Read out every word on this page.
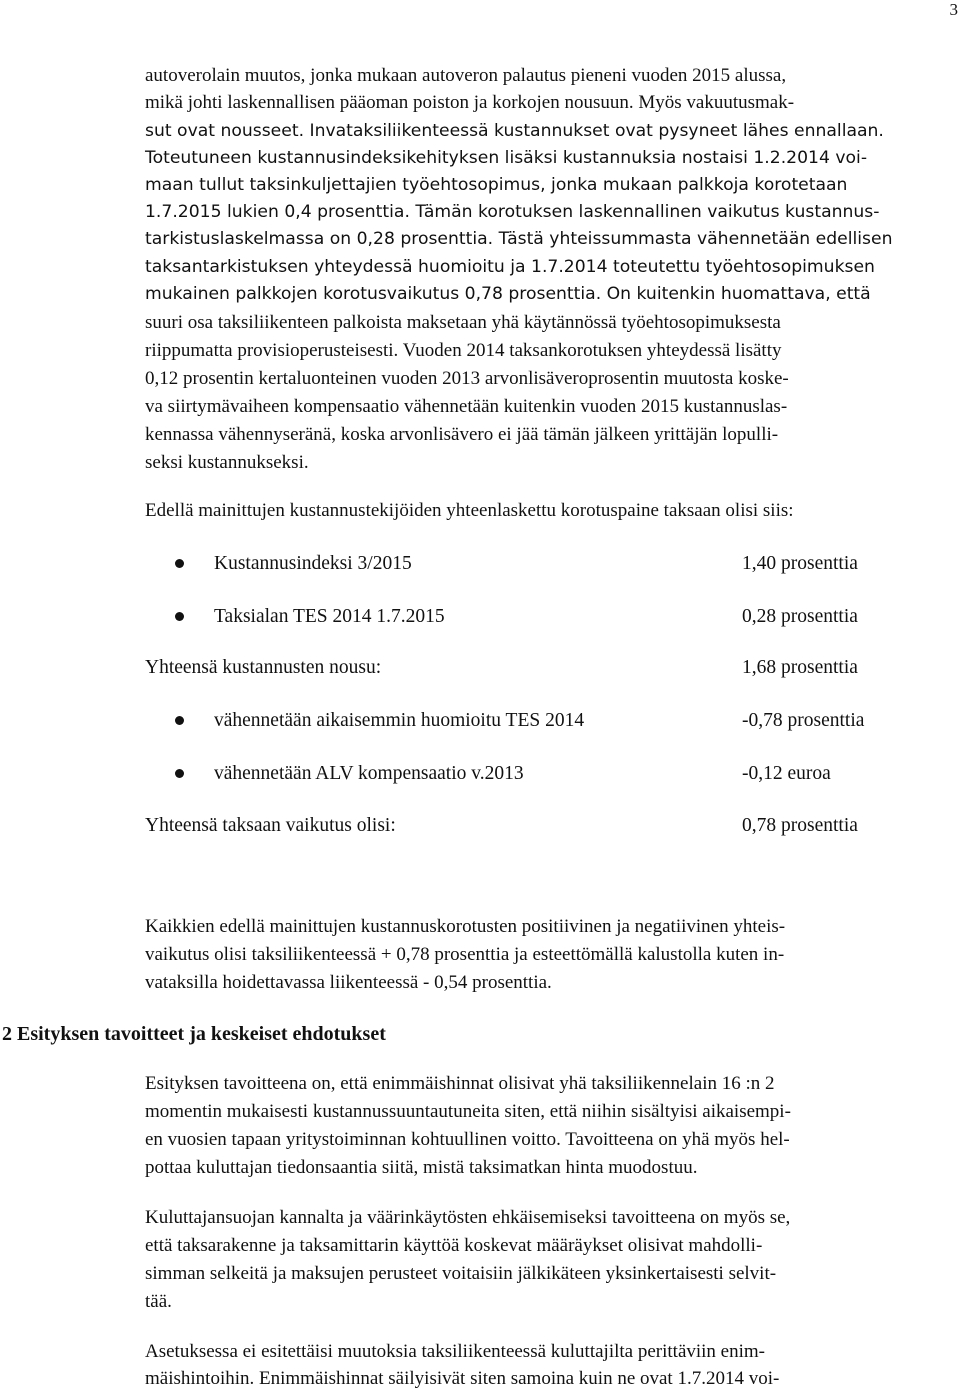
3
autoverolain muutos, jonka mukaan autoveron palautus pieneni vuoden 2015 alussa,
mikä johti laskennallisen pääoman poiston ja korkojen nousuun. Myös vakuutusmak-
sut ovat nousseet. Invataksiliikenteessä kustannukset ovat pysyneet lähes ennallaan.
Toteutuneen kustannusindeksikehityksen lisäksi kustannuksia nostaisi 1.2.2014 voi-
maan tullut taksinkuljettajien työehtosopimus, jonka mukaan palkkoja korotetaan
1.7.2015 lukien 0,4 prosenttia. Tämän korotuksen laskennallinen vaikutus kustannus-
tarkistuslaskelmassa on 0,28 prosenttia. Tästä yhteissummasta vähennetään edellisen
taksantarkistuksen yhteydessä huomioitu ja 1.7.2014 toteutettu työehtosopimuksen
mukainen palkkojen korotusvaikutus 0,78 prosenttia. On kuitenkin huomattava, että
suuri osa taksiliikenteen palkoista maksetaan yhä käytännössä työehtosopimuksesta
riippumatta provisioperusteisesti. Vuoden 2014 taksankorotuksen yhteydessä lisätty
0,12 prosentin kertaluonteinen vuoden 2013 arvonlisäveroprosentin muutosta koske-
va siirtymävaiheen kompensaatio vähennetään kuitenkin vuoden 2015 kustannuslas-
kennassa vähennyseränä, koska arvonlisävero ei jää tämän jälkeen yrittäjän lopulli-
seksi kustannukseksi.
Edellä mainittujen kustannustekijöiden yhteenlaskettu korotuspaine taksaan olisi siis:
Kustannusindeksi 3/2015	1,40 prosenttia
Taksialan TES 2014 1.7.2015	0,28 prosenttia
Yhteensä kustannusten nousu:	1,68 prosenttia
vähennetään aikaisemmin huomioitu TES 2014	-0,78 prosenttia
vähennetään ALV kompensaatio v.2013	-0,12 euroa
Yhteensä taksaan vaikutus olisi:	0,78 prosenttia
Kaikkien edellä mainittujen kustannuskorotusten positiivinen ja negatiivinen yhteis-
vaikutus olisi taksiliikenteessä + 0,78 prosenttia ja esteettömällä kalustolla kuten in-
vataksilla hoidettavassa liikenteessä - 0,54 prosenttia.
2 Esityksen tavoitteet ja keskeiset ehdotukset
Esityksen tavoitteena on, että enimmäishinnat olisivat yhä taksiliikennelain 16 :n 2
momentin mukaisesti kustannussuuntautuneita siten, että niihin sisältyisi aikaisempi-
en vuosien tapaan yritystoiminnan kohtuullinen voitto. Tavoitteena on yhä myös hel-
pottaa kuluttajan tiedonsaantia siitä, mistä taksimatkan hinta muodostuu.
Kuluttajansuojan kannalta ja väärinkäytösten ehkäisemiseksi tavoitteena on myös se,
että taksarakenne ja taksamittarin käyttöä koskevat määräykset olisivat mahdolli-
simman selkeitä ja maksujen perusteet voitaisiin jälkikäteen yksinkertaisesti selvit-
tää.
Asetuksessa ei esitettäisi muutoksia taksiliikenteessä kuluttajilta perittäviin enim-
mäishintoihin. Enimmäishinnat säilyisivät siten samoina kuin ne ovat 1.7.2014 voi-
